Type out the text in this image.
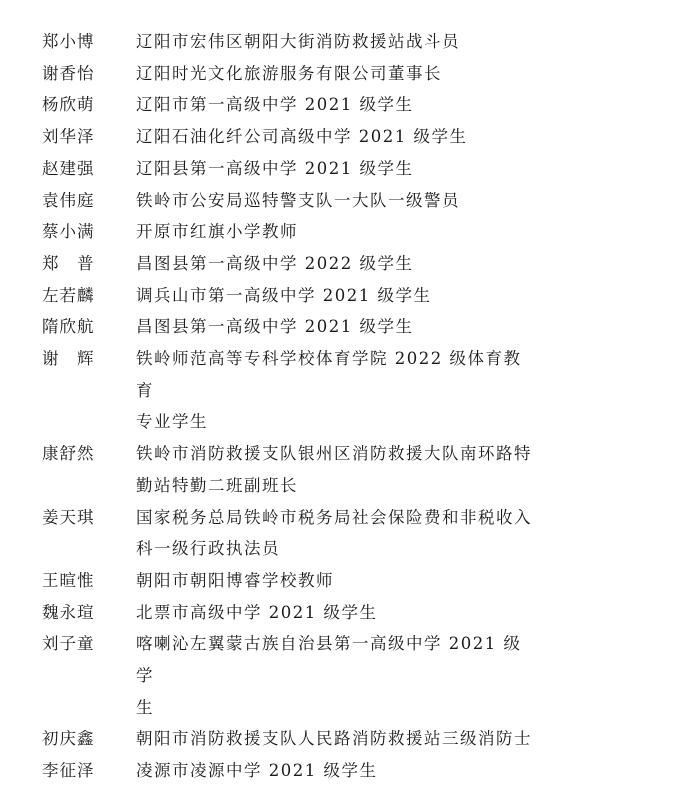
郑小博	辽阳市宏伟区朝阳大街消防救援站战斗员
谢香怡	辽阳时光文化旅游服务有限公司董事长
杨欣萌	辽阳市第一高级中学 2021 级学生
刘华泽	辽阳石油化纤公司高级中学 2021 级学生
赵建强	辽阳县第一高级中学 2021 级学生
袁伟庭	铁岭市公安局巡特警支队一大队一级警员
蔡小满	开原市红旗小学教师
郑　普	昌图县第一高级中学 2022 级学生
左若麟	调兵山市第一高级中学 2021 级学生
隋欣航	昌图县第一高级中学 2021 级学生
谢　辉	铁岭师范高等专科学校体育学院 2022 级体育教育
专业学生
康舒然	铁岭市消防救援支队银州区消防救援大队南环路特
勤站特勤二班副班长
姜天琪	国家税务总局铁岭市税务局社会保险费和非税收入
科一级行政执法员
王暄惟	朝阳市朝阳博睿学校教师
魏永瑄	北票市高级中学 2021 级学生
刘子童	喀喇沁左翼蒙古族自治县第一高级中学 2021 级学
生
初庆鑫	朝阳市消防救援支队人民路消防救援站三级消防士
李征泽	凌源市凌源中学 2021 级学生
